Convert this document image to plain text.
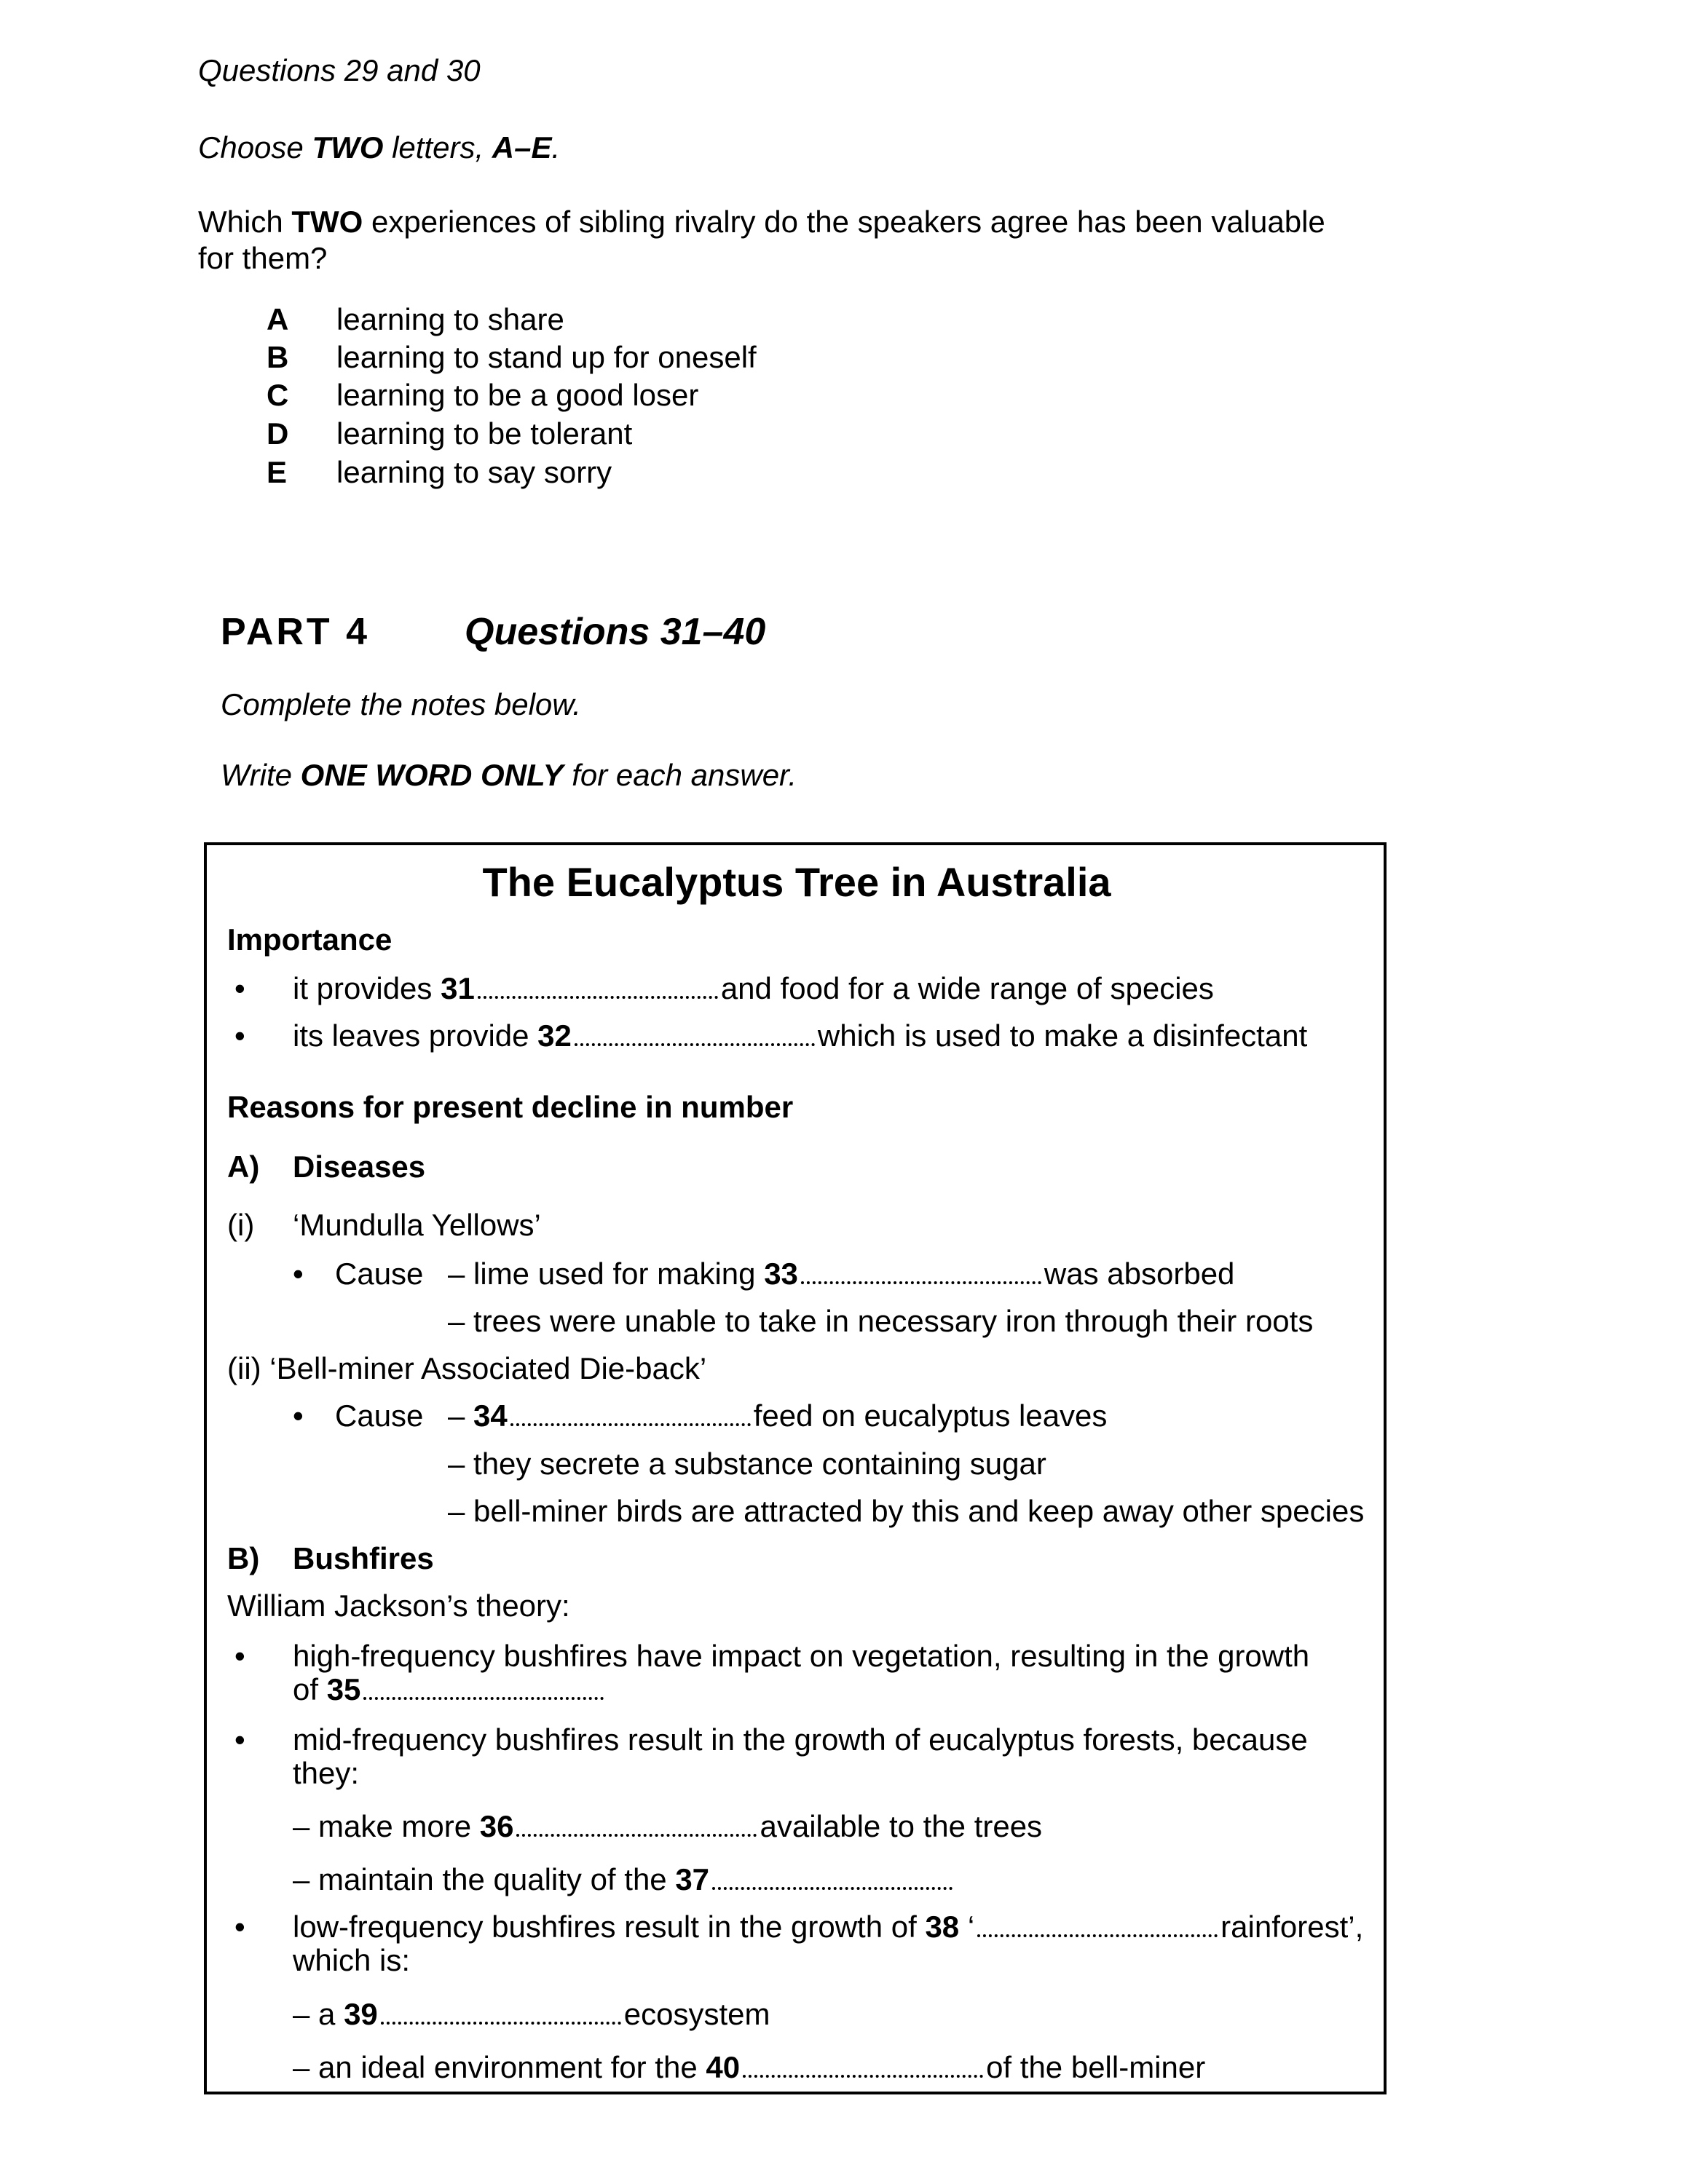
Questions 29 and 30
Choose TWO letters, A–E.
Which TWO experiences of sibling rivalry do the speakers agree has been valuable
for them?
A learning to share
B learning to stand up for oneself
C learning to be a good loser
D learning to be tolerant
E learning to say sorry
PART 4 Questions 31–40
Complete the notes below.
Write ONE WORD ONLY for each answer.
The Eucalyptus Tree in Australia
Importance
• it provides 31	and food for a wide range of species
• its leaves provide 32	which is used to make a disinfectant
Reasons for present decline in number
A) Diseases
(i) ‘Mundulla Yellows’
• Cause – lime used for making 33	was absorbed
– trees were unable to take in necessary iron through their roots
(ii) ‘Bell-miner Associated Die-back’
• Cause – 34	feed on eucalyptus leaves
– they secrete a substance containing sugar
– bell-miner birds are attracted by this and keep away other species
B) Bushfires
William Jackson’s theory:
• high-frequency bushfires have impact on vegetation, resulting in the growth
of 35
• mid-frequency bushfires result in the growth of eucalyptus forests, because
they:
– make more 36	available to the trees
– maintain the quality of the 37
• low-frequency bushfires result in the growth of 38 ‘	rainforest’,
which is:
– a 39	ecosystem
– an ideal environment for the 40	of the bell-miner
